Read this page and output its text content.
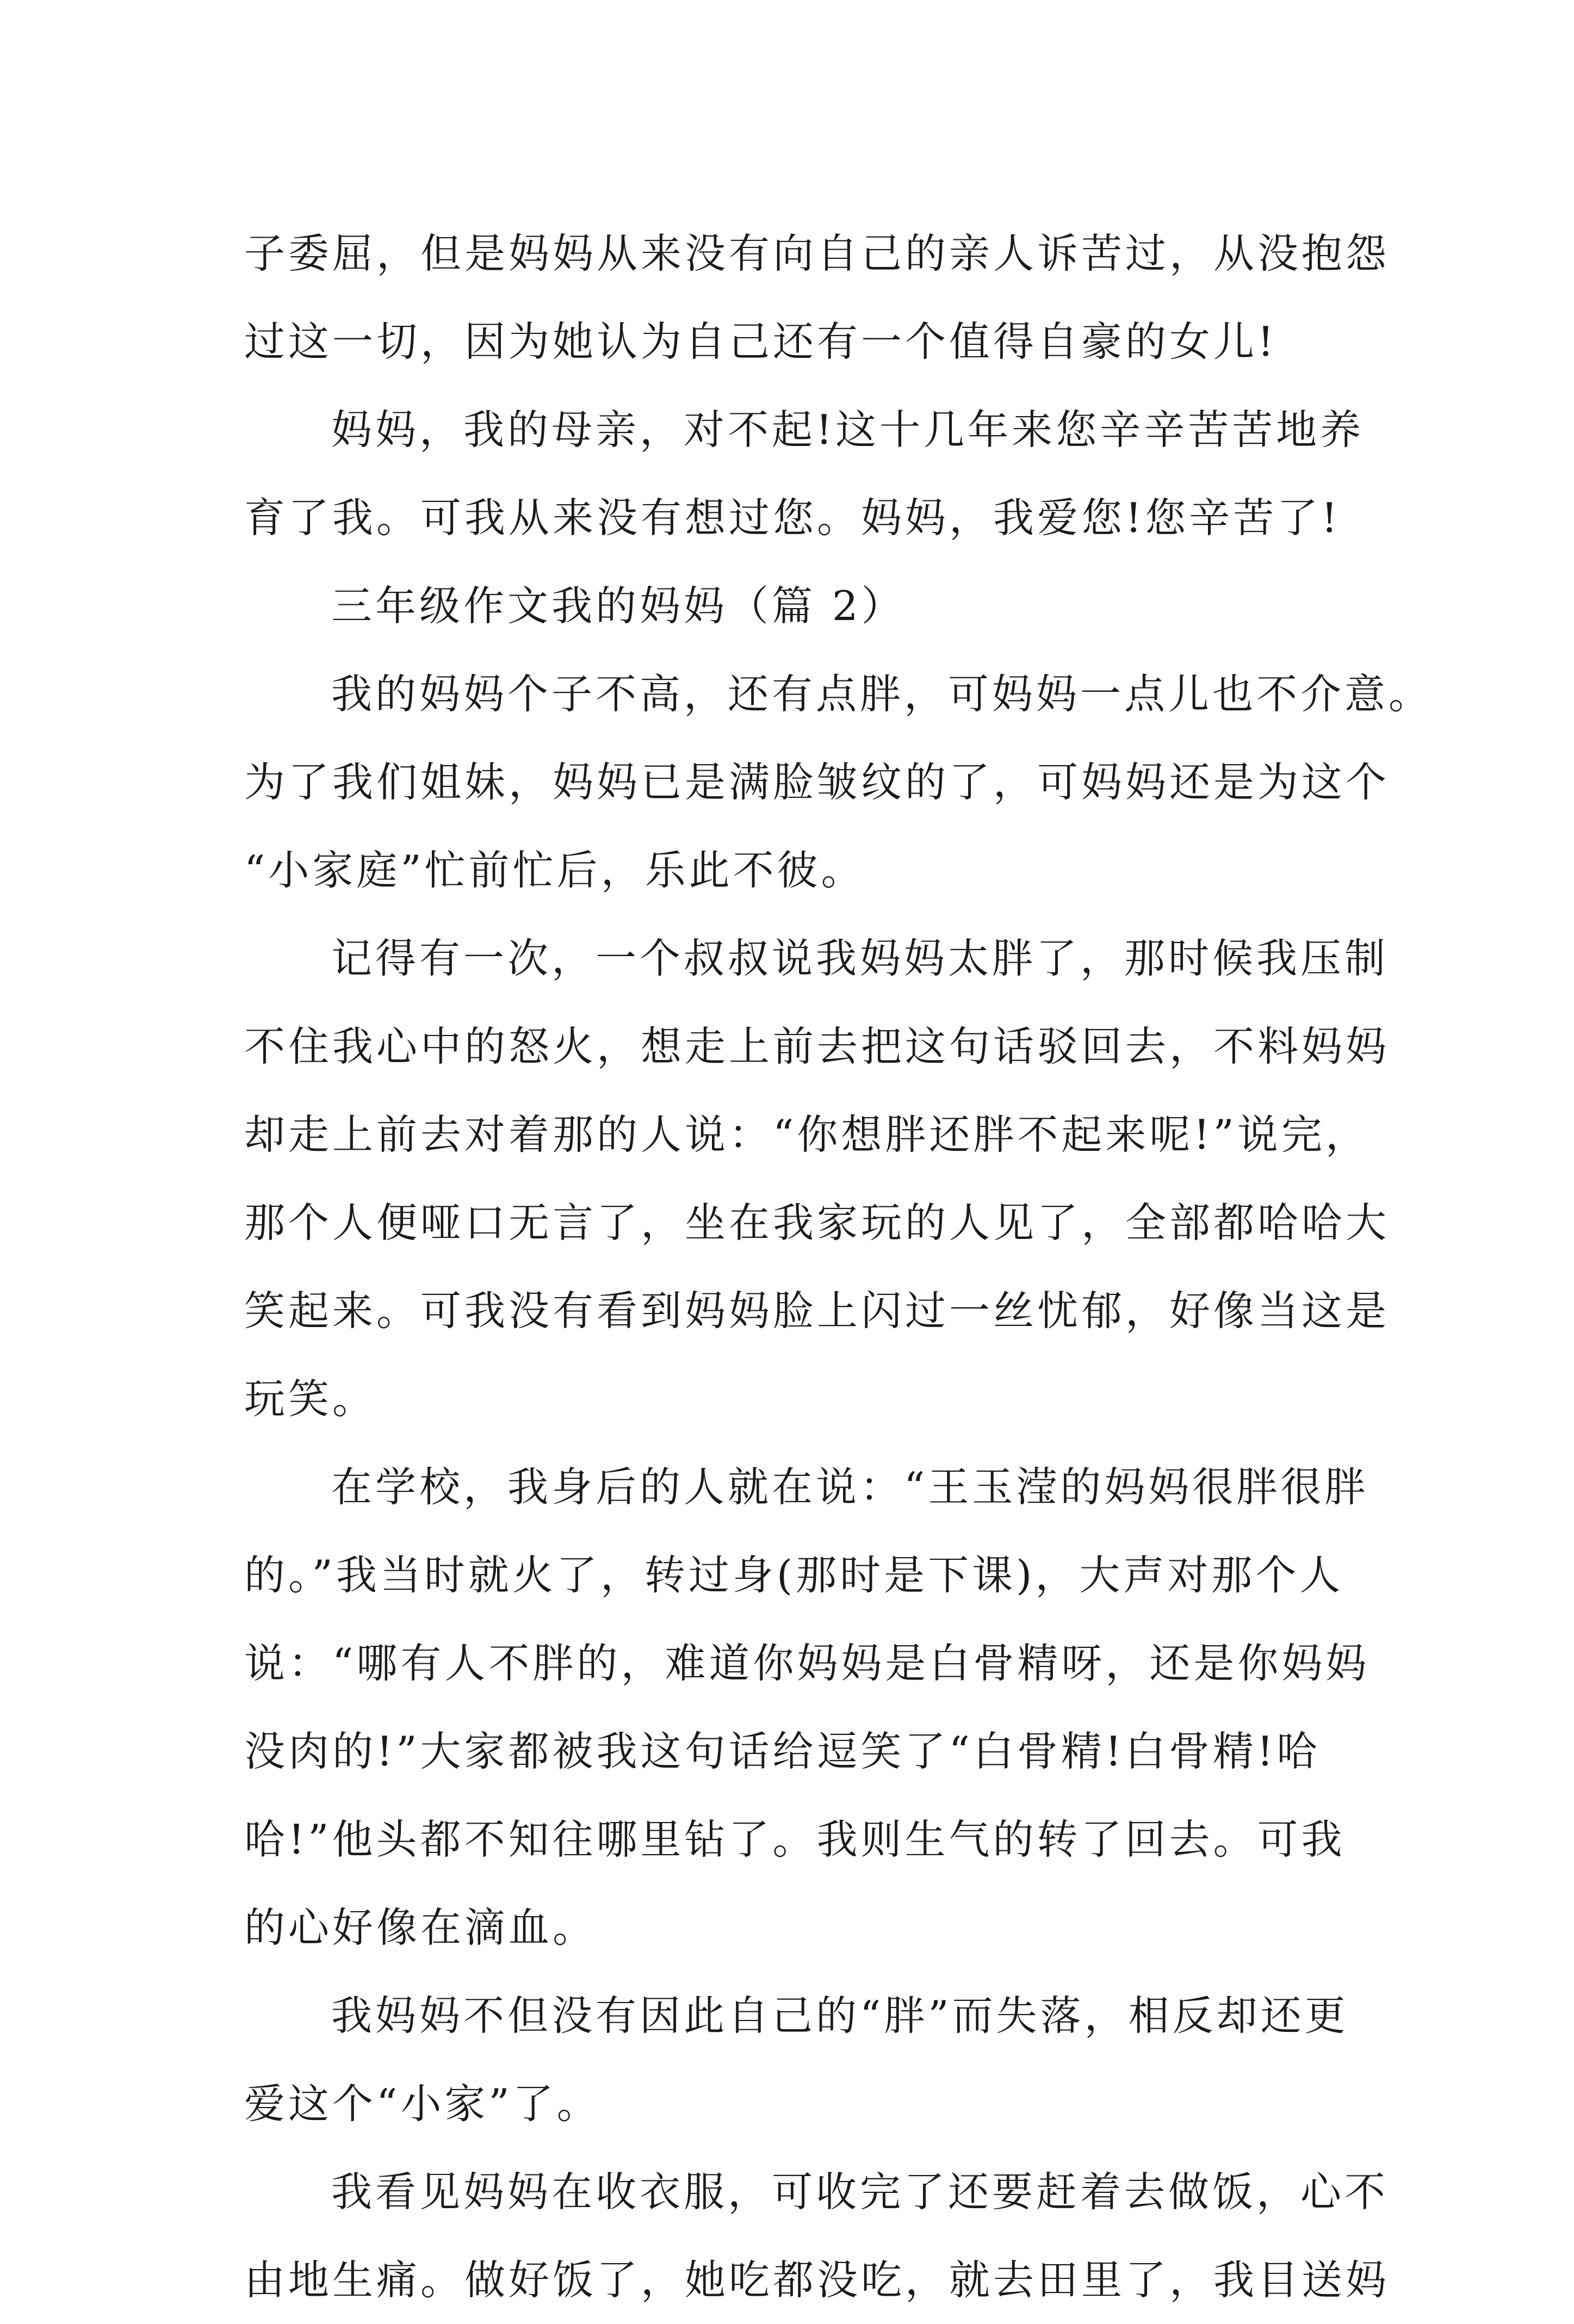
子委屈，但是妈妈从来没有向自己的亲人诉苦过，从没抱怨
过这一切，因为她认为自己还有一个值得自豪的女儿!
妈妈，我的母亲，对不起!这十几年来您辛辛苦苦地养
育了我。可我从来没有想过您。妈妈，我爱您!您辛苦了!
三年级作文我的妈妈（篇 2）
我的妈妈个子不高，还有点胖，可妈妈一点儿也不介意。
为了我们姐妹，妈妈已是满脸皱纹的了，可妈妈还是为这个
“小家庭”忙前忙后，乐此不彼。
记得有一次，一个叔叔说我妈妈太胖了，那时候我压制
不住我心中的怒火，想走上前去把这句话驳回去，不料妈妈
却走上前去对着那的人说：“你想胖还胖不起来呢!”说完，
那个人便哑口无言了，坐在我家玩的人见了，全部都哈哈大
笑起来。可我没有看到妈妈脸上闪过一丝忧郁，好像当这是
玩笑。
在学校，我身后的人就在说：“王玉滢的妈妈很胖很胖
的。”我当时就火了，转过身(那时是下课)，大声对那个人
说：“哪有人不胖的，难道你妈妈是白骨精呀，还是你妈妈
没肉的!”大家都被我这句话给逗笑了“白骨精!白骨精!哈
哈!”他头都不知往哪里钻了。我则生气的转了回去。可我
的心好像在滴血。
我妈妈不但没有因此自己的“胖”而失落，相反却还更
爱这个“小家”了。
我看见妈妈在收衣服，可收完了还要赶着去做饭，心不
由地生痛。做好饭了，她吃都没吃，就去田里了，我目送妈
